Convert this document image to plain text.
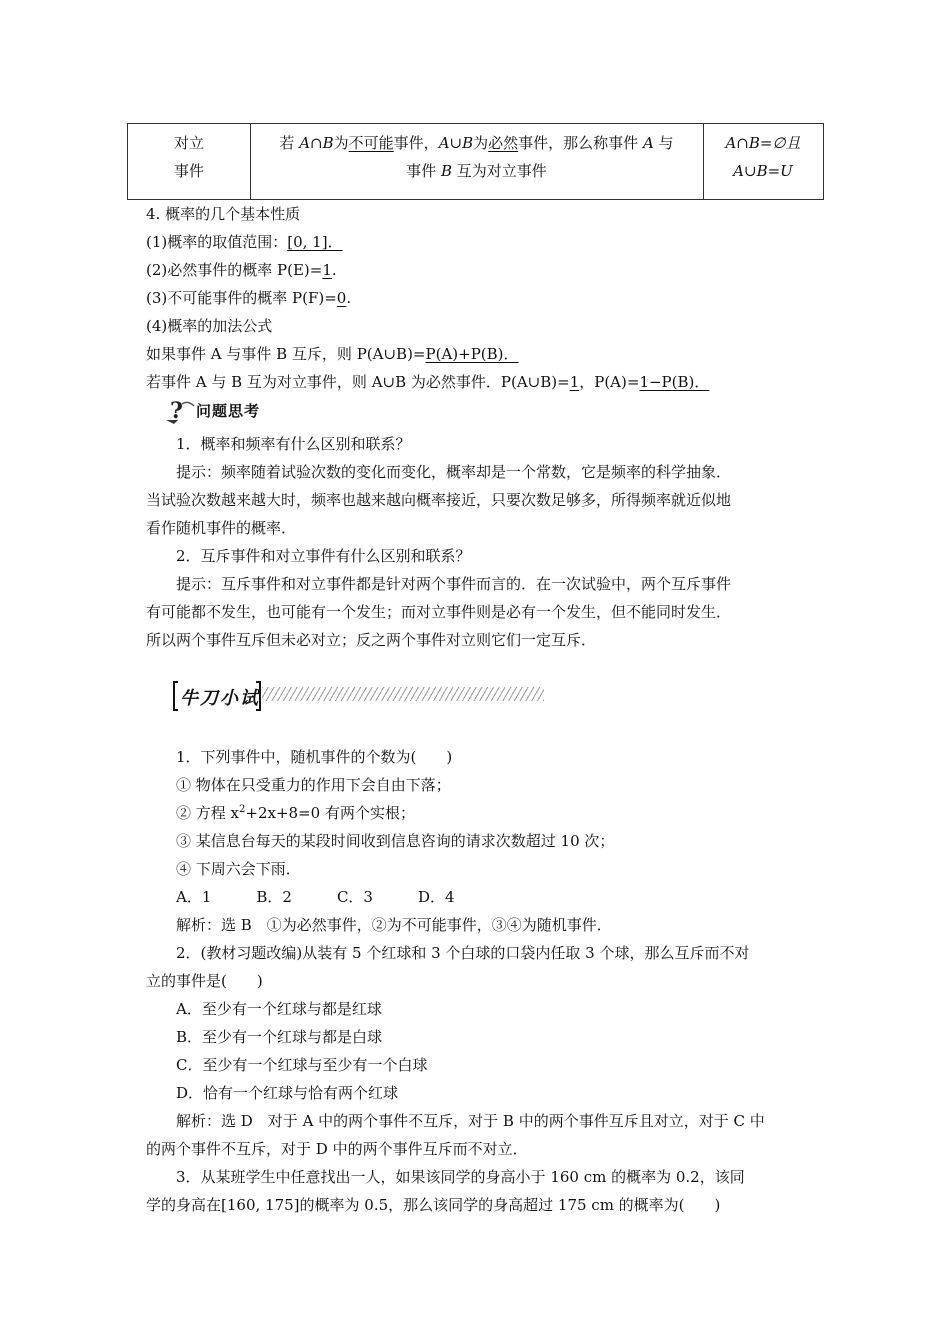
对立
事件
若 A∩B为不可能事件，A∪B为必然事件，那么称事件 A 与
事件 B 互为对立事件
A∩B=∅且
A∪B=U
4. 概率的几个基本性质
(1)概率的取值范围：[0, 1]．
(2)必然事件的概率 P(E)=1.
(3)不可能事件的概率 P(F)=0.
(4)概率的加法公式
如果事件 A 与事件 B 互斥，则 P(A∪B)=P(A)+P(B)．
若事件 A 与 B 互为对立事件，则 A∪B 为必然事件．P(A∪B)=1，P(A)=1−P(B)．
? 问题思考
1．概率和频率有什么区别和联系？
提示：频率随着试验次数的变化而变化，概率却是一个常数，它是频率的科学抽象．
当试验次数越来越大时，频率也越来越向概率接近，只要次数足够多，所得频率就近似地
看作随机事件的概率．
2．互斥事件和对立事件有什么区别和联系？
提示：互斥事件和对立事件都是针对两个事件而言的．在一次试验中，两个互斥事件
有可能都不发生，也可能有一个发生；而对立事件则是必有一个发生，但不能同时发生．
所以两个事件互斥但未必对立；反之两个事件对立则它们一定互斥．
牛刀小试
1．下列事件中，随机事件的个数为(　　)
① 物体在只受重力的作用下会自由下落；
② 方程 $x^2+2x+8=0$ 有两个实根；
③ 某信息台每天的某段时间收到信息咨询的请求次数超过 10 次；
④ 下周六会下雨．
A．1　　　B．2　　　C．3　　　D．4
解析：选 B　①为必然事件，②为不可能事件，③④为随机事件．
2．(教材习题改编)从装有 5 个红球和 3 个白球的口袋内任取 3 个球，那么互斥而不对
立的事件是(　　)
A．至少有一个红球与都是红球
B．至少有一个红球与都是白球
C．至少有一个红球与至少有一个白球
D．恰有一个红球与恰有两个红球
解析：选 D　对于 A 中的两个事件不互斥，对于 B 中的两个事件互斥且对立，对于 C 中
的两个事件不互斥，对于 D 中的两个事件互斥而不对立．
3．从某班学生中任意找出一人，如果该同学的身高小于 160 cm 的概率为 0.2，该同
学的身高在[160, 175]的概率为 0.5，那么该同学的身高超过 175 cm 的概率为(　　)
